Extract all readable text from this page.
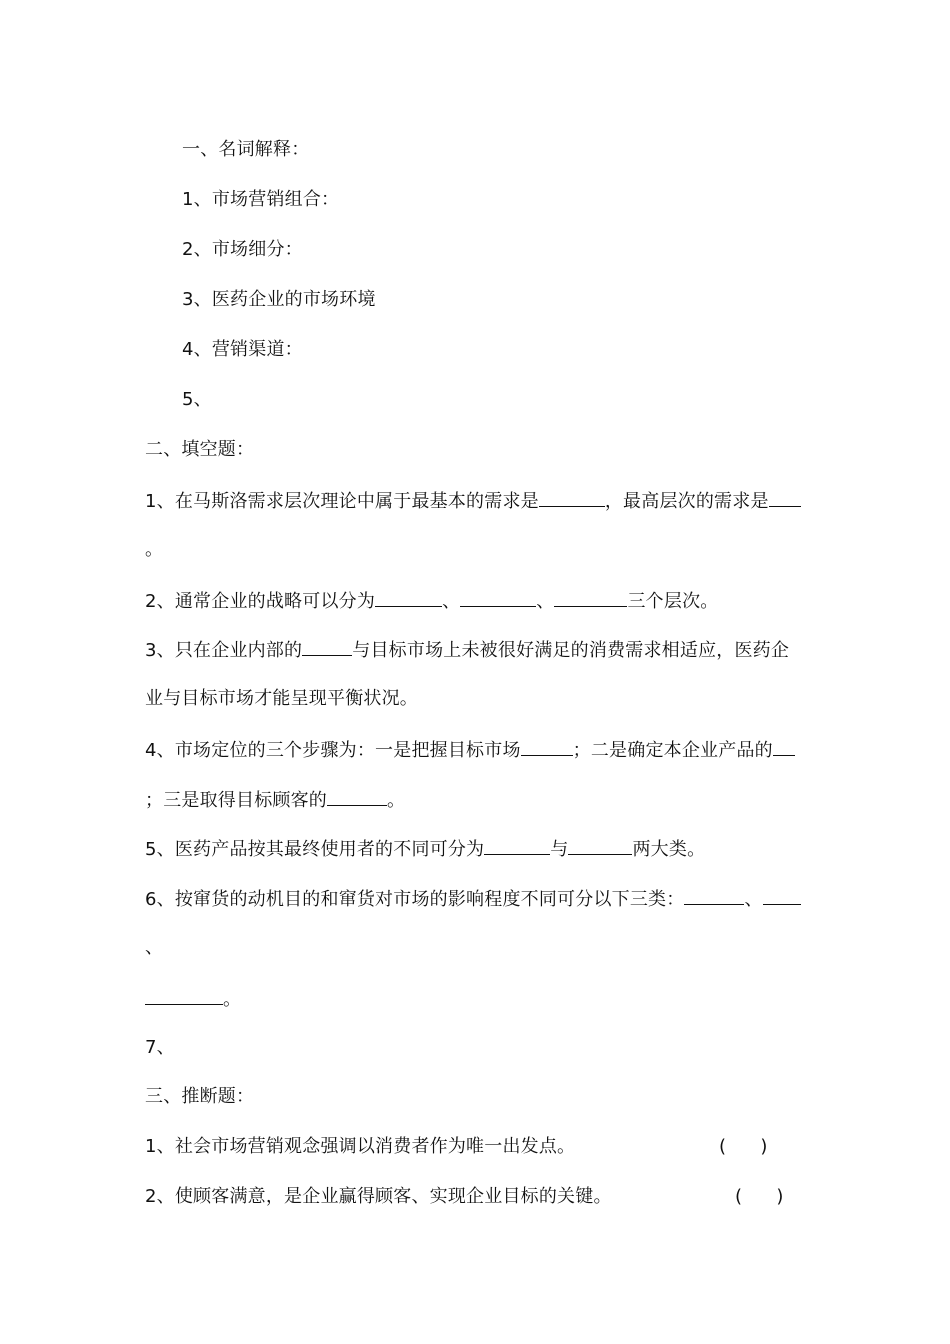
一、名词解释：
1、市场营销组合：
2、市场细分：
3、医药企业的市场环境
4、营销渠道：
5、
二、填空题：
1、在马斯洛需求层次理论中属于最基本的需求是	，最高层次的需求是
。
2、通常企业的战略可以分为	、	、	三个层次。
3、只在企业内部的	与目标市场上未被很好满足的消费需求相适应，医药企
业与目标市场才能呈现平衡状况。
4、市场定位的三个步骤为：一是把握目标市场	；二是确定本企业产品的
；三是取得目标顾客的	。
5、医药产品按其最终使用者的不同可分为	与	两大类。
6、按窜货的动机目的和窜货对市场的影响程度不同可分以下三类：	、
、
。
7、
三、推断题：
1、社会市场营销观念强调以消费者作为唯一出发点。	(      )
2、使顾客满意，是企业赢得顾客、实现企业目标的关键。	(      )
